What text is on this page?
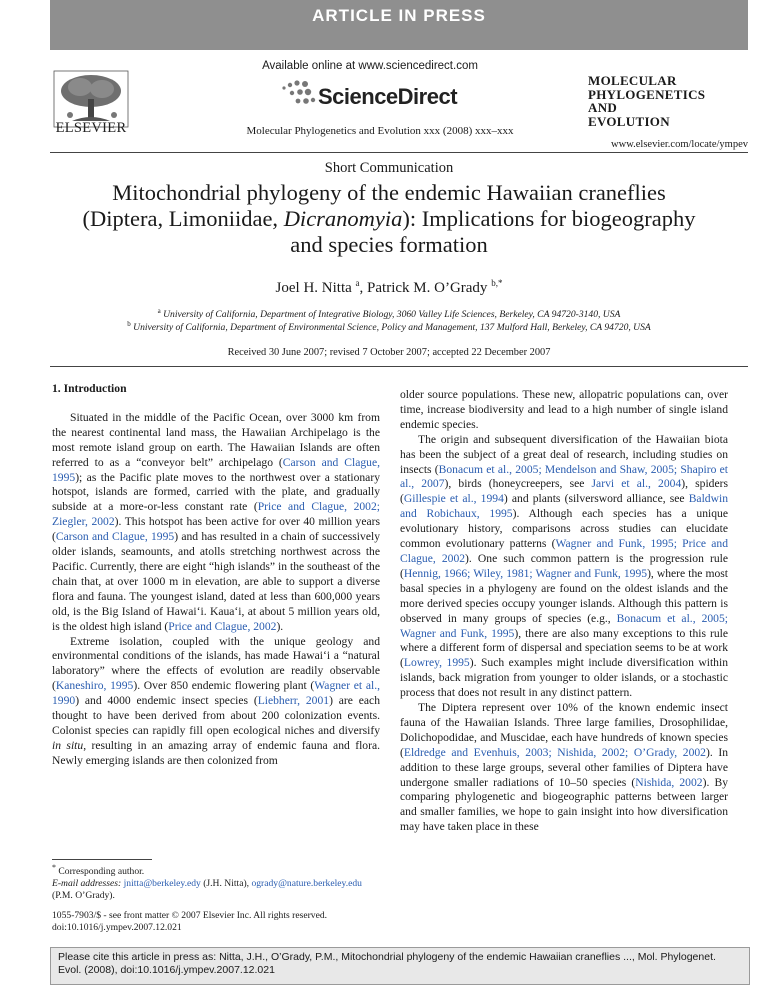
ARTICLE IN PRESS
ELSEVIER
Available online at www.sciencedirect.com
ScienceDirect
Molecular Phylogenetics and Evolution xxx (2008) xxx–xxx
MOLECULAR
PHYLOGENETICS
AND
EVOLUTION
www.elsevier.com/locate/ympev
Short Communication
Mitochondrial phylogeny of the endemic Hawaiian craneflies
(Diptera, Limoniidae, Dicranomyia): Implications for biogeography
and species formation
Joel H. Nitta $^a$, Patrick M. O’Grady $^{b,*}$
$^a$ University of California, Department of Integrative Biology, 3060 Valley Life Sciences, Berkeley, CA 94720-3140, USA
$^b$ University of California, Department of Environmental Science, Policy and Management, 137 Mulford Hall, Berkeley, CA 94720, USA
Received 30 June 2007; revised 7 October 2007; accepted 22 December 2007
1. Introduction

Situated in the middle of the Pacific Ocean, over 3000 km from the nearest continental land mass, the Hawaiian Archipelago is the most remote island group on earth. The Hawaiian Islands are often referred to as a “conveyor belt” archipelago (Carson and Clague, 1995); as the Pacific plate moves to the northwest over a stationary hotspot, islands are formed, carried with the plate, and gradually subside at a more-or-less constant rate (Price and Clague, 2002; Ziegler, 2002). This hotspot has been active for over 40 million years (Carson and Clague, 1995) and has resulted in a chain of successively older islands, seamounts, and atolls stretching northwest across the Pacific. Currently, there are eight “high islands” in the southeast of the chain that, at over 1000 m in elevation, are able to support a diverse flora and fauna. The youngest island, dated at less than 600,000 years old, is the Big Island of Hawai‘i. Kaua‘i, at about 5 million years old, is the oldest high island (Price and Clague, 2002).

Extreme isolation, coupled with the unique geology and environmental conditions of the islands, has made Hawai‘i a “natural laboratory” where the effects of evolution are readily observable (Kaneshiro, 1995). Over 850 endemic flowering plant (Wagner et al., 1990) and 4000 endemic insect species (Liebherr, 2001) are each thought to have been derived from about 200 colonization events. Colonist species can rapidly fill open ecological niches and diversify in situ, resulting in an amazing array of endemic fauna and flora. Newly emerging islands are then colonized from

older source populations. These new, allopatric populations can, over time, increase biodiversity and lead to a high number of single island endemic species.

The origin and subsequent diversification of the Hawaiian biota has been the subject of a great deal of research, including studies on insects (Bonacum et al., 2005; Mendelson and Shaw, 2005; Shapiro et al., 2007), birds (honeycreepers, see Jarvi et al., 2004), spiders (Gillespie et al., 1994) and plants (silversword alliance, see Baldwin and Robichaux, 1995). Although each species has a unique evolutionary history, comparisons across studies can elucidate common evolutionary patterns (Wagner and Funk, 1995; Price and Clague, 2002). One such common pattern is the progression rule (Hennig, 1966; Wiley, 1981; Wagner and Funk, 1995), where the most basal species in a phylogeny are found on the oldest islands and the more derived species occupy younger islands. Although this pattern is observed in many groups of species (e.g., Bonacum et al., 2005; Wagner and Funk, 1995), there are also many exceptions to this rule where a different form of dispersal and speciation seems to be at work (Lowrey, 1995). Such examples might include diversification within islands, back migration from younger to older islands, or a stochastic process that does not result in any distinct pattern.

The Diptera represent over 10% of the known endemic insect fauna of the Hawaiian Islands. Three large families, Drosophilidae, Dolichopodidae, and Muscidae, each have hundreds of known species (Eldredge and Evenhuis, 2003; Nishida, 2002; O’Grady, 2002). In addition to these large groups, several other families of Diptera have undergone smaller radiations of 10–50 species (Nishida, 2002). By comparing phylogenetic and biogeographic patterns between larger and smaller families, we hope to gain insight into how diversification may have taken place in these

* Corresponding author.
E-mail addresses: jnitta@berkeley.edy (J.H. Nitta), ogrady@nature.berkeley.edu (P.M. O’Grady).
1055-7903/$ - see front matter © 2007 Elsevier Inc. All rights reserved.
doi:10.1016/j.ympev.2007.12.021
Please cite this article in press as: Nitta, J.H., O’Grady, P.M., Mitochondrial phylogeny of the endemic Hawaiian craneflies ..., Mol. Phylogenet. Evol. (2008), doi:10.1016/j.ympev.2007.12.021
